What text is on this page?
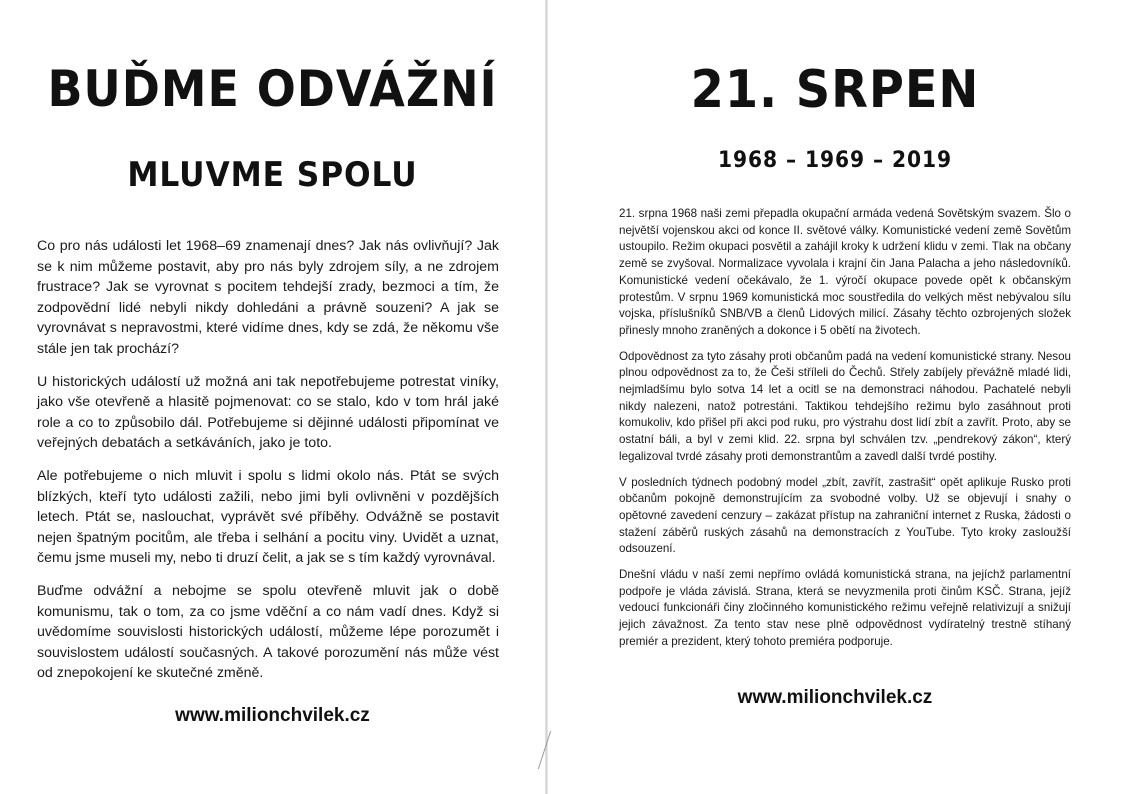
BUĎME ODVÁŽNÍ
MLUVME SPOLU

Co pro nás události let 1968–69 znamenají dnes? Jak nás ovlivňují? Jak se k nim můžeme postavit, aby pro nás byly zdrojem síly, a ne zdrojem frustrace? Jak se vyrovnat s pocitem tehdejší zrady, bezmoci a tím, že zodpovědní lidé nebyli nikdy dohledáni a právně souzeni? A jak se vyrovnávat s nepravostmi, které vidíme dnes, kdy se zdá, že někomu vše stále jen tak prochází?

U historických událostí už možná ani tak nepotřebujeme potrestat viníky, jako vše otevřeně a hlasitě pojmenovat: co se stalo, kdo v tom hrál jaké role a co to způsobilo dál. Potřebujeme si dějinné události připomínat ve veřejných debatách a setkáváních, jako je toto.

Ale potřebujeme o nich mluvit i spolu s lidmi okolo nás. Ptát se svých blízkých, kteří tyto události zažili, nebo jimi byli ovlivněni v pozdějších letech. Ptát se, naslouchat, vyprávět své příběhy. Odvážně se postavit nejen špatným pocitům, ale třeba i selhání a pocitu viny. Uvidět a uznat, čemu jsme museli my, nebo ti druzí čelit, a jak se s tím každý vyrovnával.

Buďme odvážní a nebojme se spolu otevřeně mluvit jak o době komunismu, tak o tom, za co jsme vděční a co nám vadí dnes. Když si uvědomíme souvislosti historických událostí, můžeme lépe porozumět i souvislostem událostí současných. A takové porozumění nás může vést od znepokojení ke skutečné změně.

www.milionchvilek.cz
21. SRPEN
1968 – 1969 – 2019

21. srpna 1968 naši zemi přepadla okupační armáda vedená Sovětským svazem. Šlo o největší vojenskou akci od konce II. světové války. Komunistické vedení země Sovětům ustoupilo. Režim okupaci posvětil a zahájil kroky k udržení klidu v zemi. Tlak na občany země se zvyšoval. Normalizace vyvolala i krajní čin Jana Palacha a jeho následovníků. Komunistické vedení očekávalo, že 1. výročí okupace povede opět k občanským protestům. V srpnu 1969 komunistická moc soustředila do velkých měst nebývalou sílu vojska, příslušníků SNB/VB a členů Lidových milicí. Zásahy těchto ozbrojených složek přinesly mnoho zraněných a dokonce i 5 obětí na životech.

Odpovědnost za tyto zásahy proti občanům padá na vedení komunistické strany. Nesou plnou odpovědnost za to, že Češi stříleli do Čechů. Střely zabíjely převážně mladé lidi, nejmladšímu bylo sotva 14 let a ocitl se na demonstraci náhodou. Pachatelé nebyli nikdy nalezeni, natož potrestáni. Taktikou tehdejšího režimu bylo zasáhnout proti komukoliv, kdo přišel při akci pod ruku, pro výstrahu dost lidí zbít a zavřít. Proto, aby se ostatní báli, a byl v zemi klid. 22. srpna byl schválen tzv. „pendrekový zákon“, který legalizoval tvrdé zásahy proti demonstrantům a zavedl další tvrdé postihy.

V posledních týdnech podobný model „zbít, zavřít, zastrašit“ opět aplikuje Rusko proti občanům pokojně demonstrujícím za svobodné volby. Už se objevují i snahy o opětovné zavedení cenzury – zakázat přístup na zahraniční internet z Ruska, žádosti o stažení záběrů ruských zásahů na demonstracích z YouTube. Tyto kroky zasloužší odsouzení.

Dnešní vládu v naší zemi nepřímo ovládá komunistická strana, na jejíchž parlamentní podpoře je vláda závislá. Strana, která se nevyzmenila proti činům KSČ. Strana, jejíž vedoucí funkcionáři činy zločinného komunistického režimu veřejně relativizují a snižují jejich závažnost. Za tento stav nese plně odpovědnost vydíratelný trestně stíhaný premiér a prezident, který tohoto premiéra podporuje.

www.milionchvilek.cz
